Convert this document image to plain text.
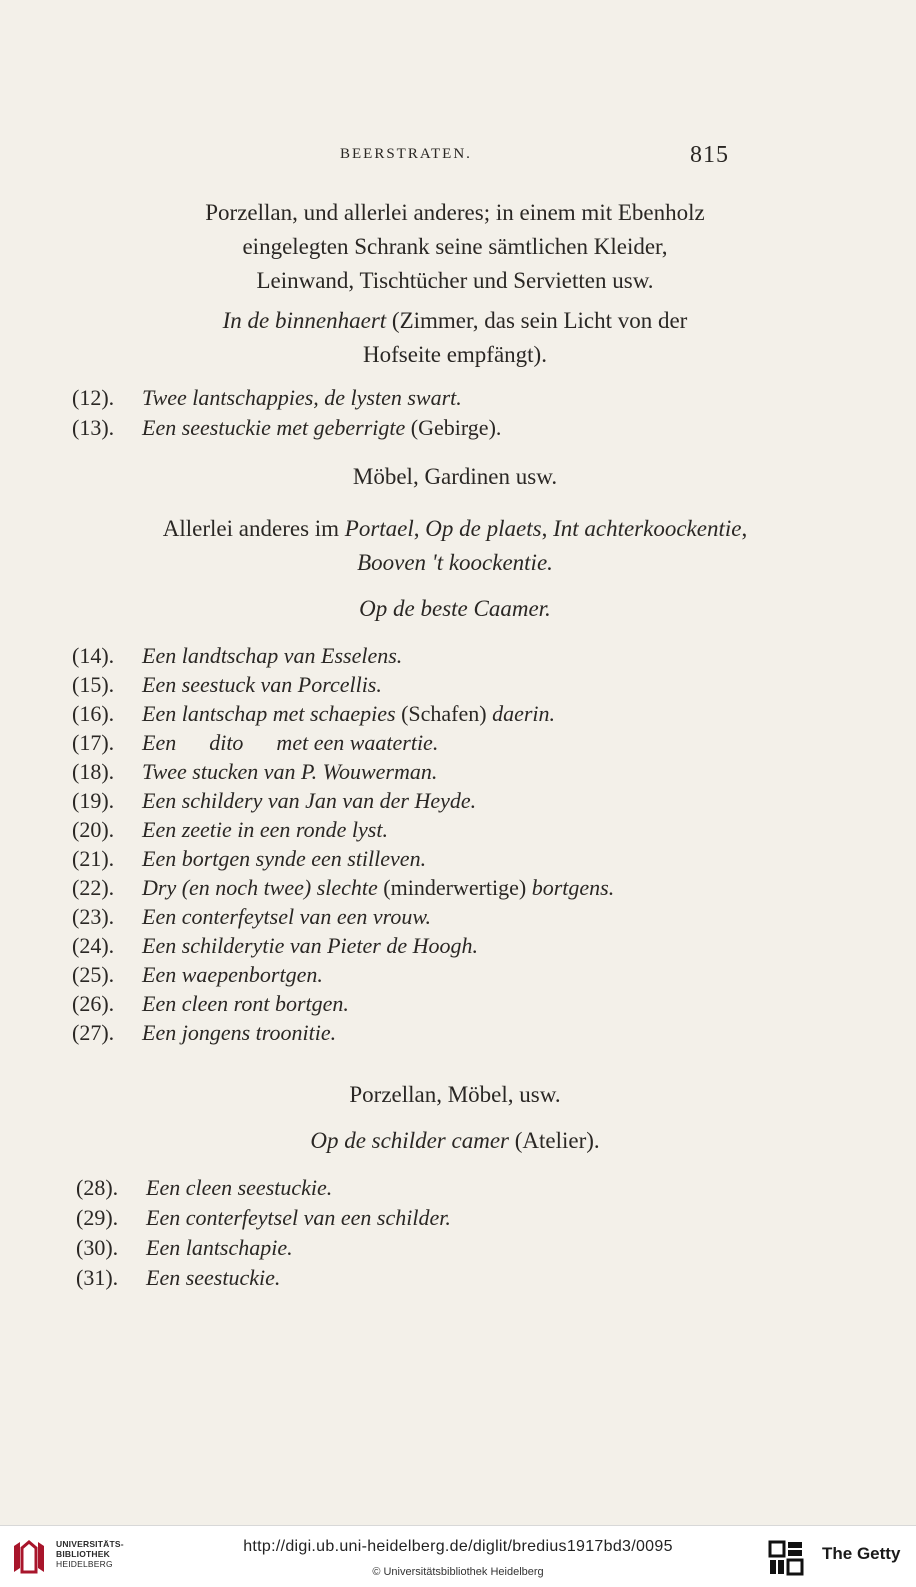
BEERSTRATEN.	815
Porzellan, und allerlei anderes; in einem mit Ebenholz
eingelegten Schrank seine sämtlichen Kleider,
Leinwand, Tischtücher und Servietten usw.
In de binnenhaert (Zimmer, das sein Licht von der
Hofseite empfängt).
(12). Twee lantschappies, de lysten swart.
(13). Een seestuckie met geberrigte (Gebirge).
Möbel, Gardinen usw.
Allerlei anderes im Portael, Op de plaets, Int achterkoockentie,
Booven 't koockentie.
Op de beste Caamer.
(14). Een landtschap van Esselens.
(15). Een seestuck van Porcellis.
(16). Een lantschap met schaepies (Schafen) daerin.
(17). Een      dito      met een waatertie.
(18). Twee stucken van P. Wouwerman.
(19). Een schildery van Jan van der Heyde.
(20). Een zeetie in een ronde lyst.
(21). Een bortgen synde een stilleven.
(22). Dry (en noch twee) slechte (minderwertige) bortgens.
(23). Een conterfeytsel van een vrouw.
(24). Een schilderytie van Pieter de Hoogh.
(25). Een waepenbortgen.
(26). Een cleen ront bortgen.
(27). Een jongens troonitie.
Porzellan, Möbel, usw.
Op de schilder camer (Atelier).
(28). Een cleen seestuckie.
(29). Een conterfeytsel van een schilder.
(30). Een lantschapie.
(31). Een seestuckie.
UNIVERSITÄTS-
BIBLIOTHEK
HEIDELBERG
http://digi.ub.uni-heidelberg.de/diglit/bredius1917bd3/0095
© Universitätsbibliothek Heidelberg
The Getty
